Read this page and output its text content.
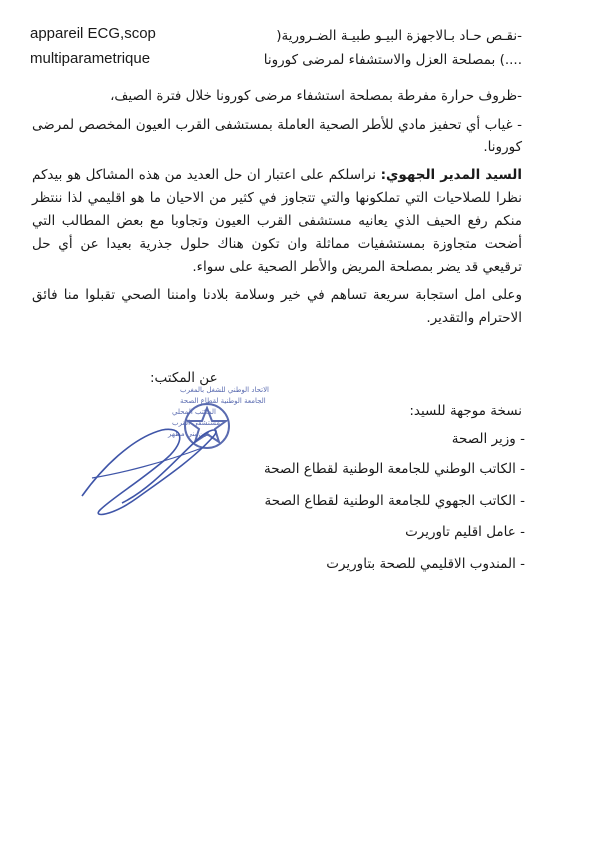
-نقـص حـاد بـالاجهزة البيـو طبيـة الضـرورية(
appareil ECG,scop
multiparametrique	....) بمصلحة العزل والاستشفاء لمرضى كورونا
-ظروف حرارة مفرطة بمصلحة استشفاء مرضى كورونا خلال فترة الصيف،
- غياب أي تحفيز مادي للأطر الصحية العاملة بمستشفى القرب العيون المخصص لمرضى كورونا.
السيد المدير الجهوي: نراسلكم على اعتبار ان حل العديد من هذه المشاكل هو بيدكم نظرا للصلاحيات التي تملكونها والتي تتجاوز في كثير من الاحيان ما هو اقليمي لذا ننتظر منكم رفع الحيف الذي يعانيه مستشفى القرب العيون وتجاوبا مع بعض المطالب التي أضحت متجاوزة بمستشفيات مماثلة وان تكون هناك حلول جذرية بعيدا عن أي حل ترقيعي قد يضر بمصلحة المريض والأطر الصحية على سواء.
وعلى امل استجابة سريعة تساهم في خير وسلامة بلادنا وامننا الصحي تقبلوا منا فائق الاحترام والتقدير.
عن المكتب:
الاتحاد الوطني للشغل بالمغرب
الجامعة الوطنية لقطاع الصحة
المكتب المحلي
مستشفى القرب
عين بني مطهر
نسخة موجهة للسيد:
- وزير الصحة
- الكاتب الوطني للجامعة الوطنية لقطاع الصحة
- الكاتب الجهوي للجامعة الوطنية لقطاع الصحة
- عامل اقليم تاوريرت
- المندوب الاقليمي للصحة بتاوريرت
